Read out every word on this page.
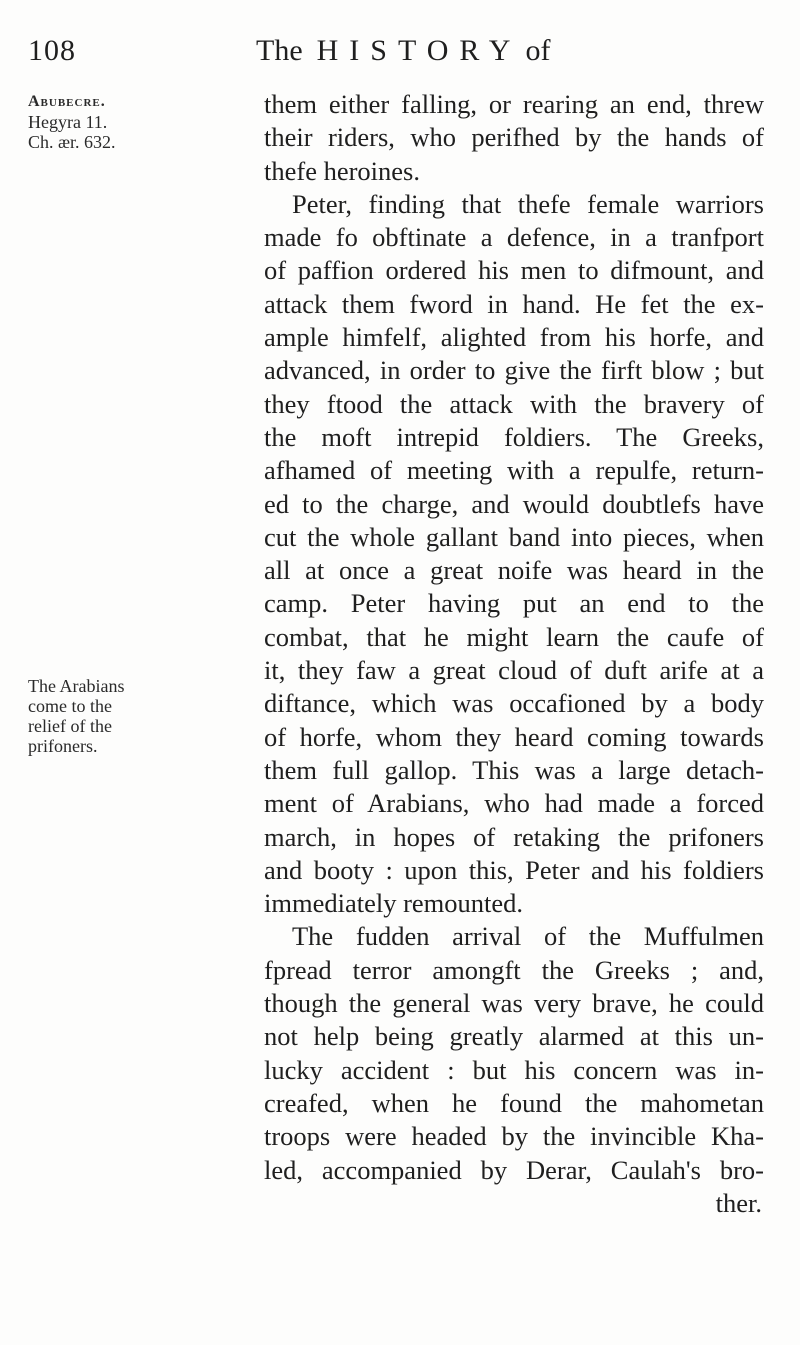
108	The HISTORY of
Abubecre.
Hegyra 11.
Ch. ær. 632.
The Arabians
come to the
relief of the
prifoners.
them either falling, or rearing an end, threw
their riders, who perifhed by the hands of
thefe heroines.
Peter, finding that thefe female warriors
made fo obftinate a defence, in a tranfport
of paffion ordered his men to difmount, and
attack them fword in hand. He fet the ex-
ample himfelf, alighted from his horfe, and
advanced, in order to give the firft blow ; but
they ftood the attack with the bravery of
the moft intrepid foldiers. The Greeks,
afhamed of meeting with a repulfe, return-
ed to the charge, and would doubtlefs have
cut the whole gallant band into pieces, when
all at once a great noife was heard in the
camp. Peter having put an end to the
combat, that he might learn the caufe of
it, they faw a great cloud of duft arife at a
diftance, which was occafioned by a body
of horfe, whom they heard coming towards
them full gallop. This was a large detach-
ment of Arabians, who had made a forced
march, in hopes of retaking the prifoners
and booty : upon this, Peter and his foldiers
immediately remounted.
The fudden arrival of the Muffulmen
fpread terror amongft the Greeks ; and,
though the general was very brave, he could
not help being greatly alarmed at this un-
lucky accident : but his concern was in-
creafed, when he found the mahometan
troops were headed by the invincible Kha-
led, accompanied by Derar, Caulah's bro-
ther.
